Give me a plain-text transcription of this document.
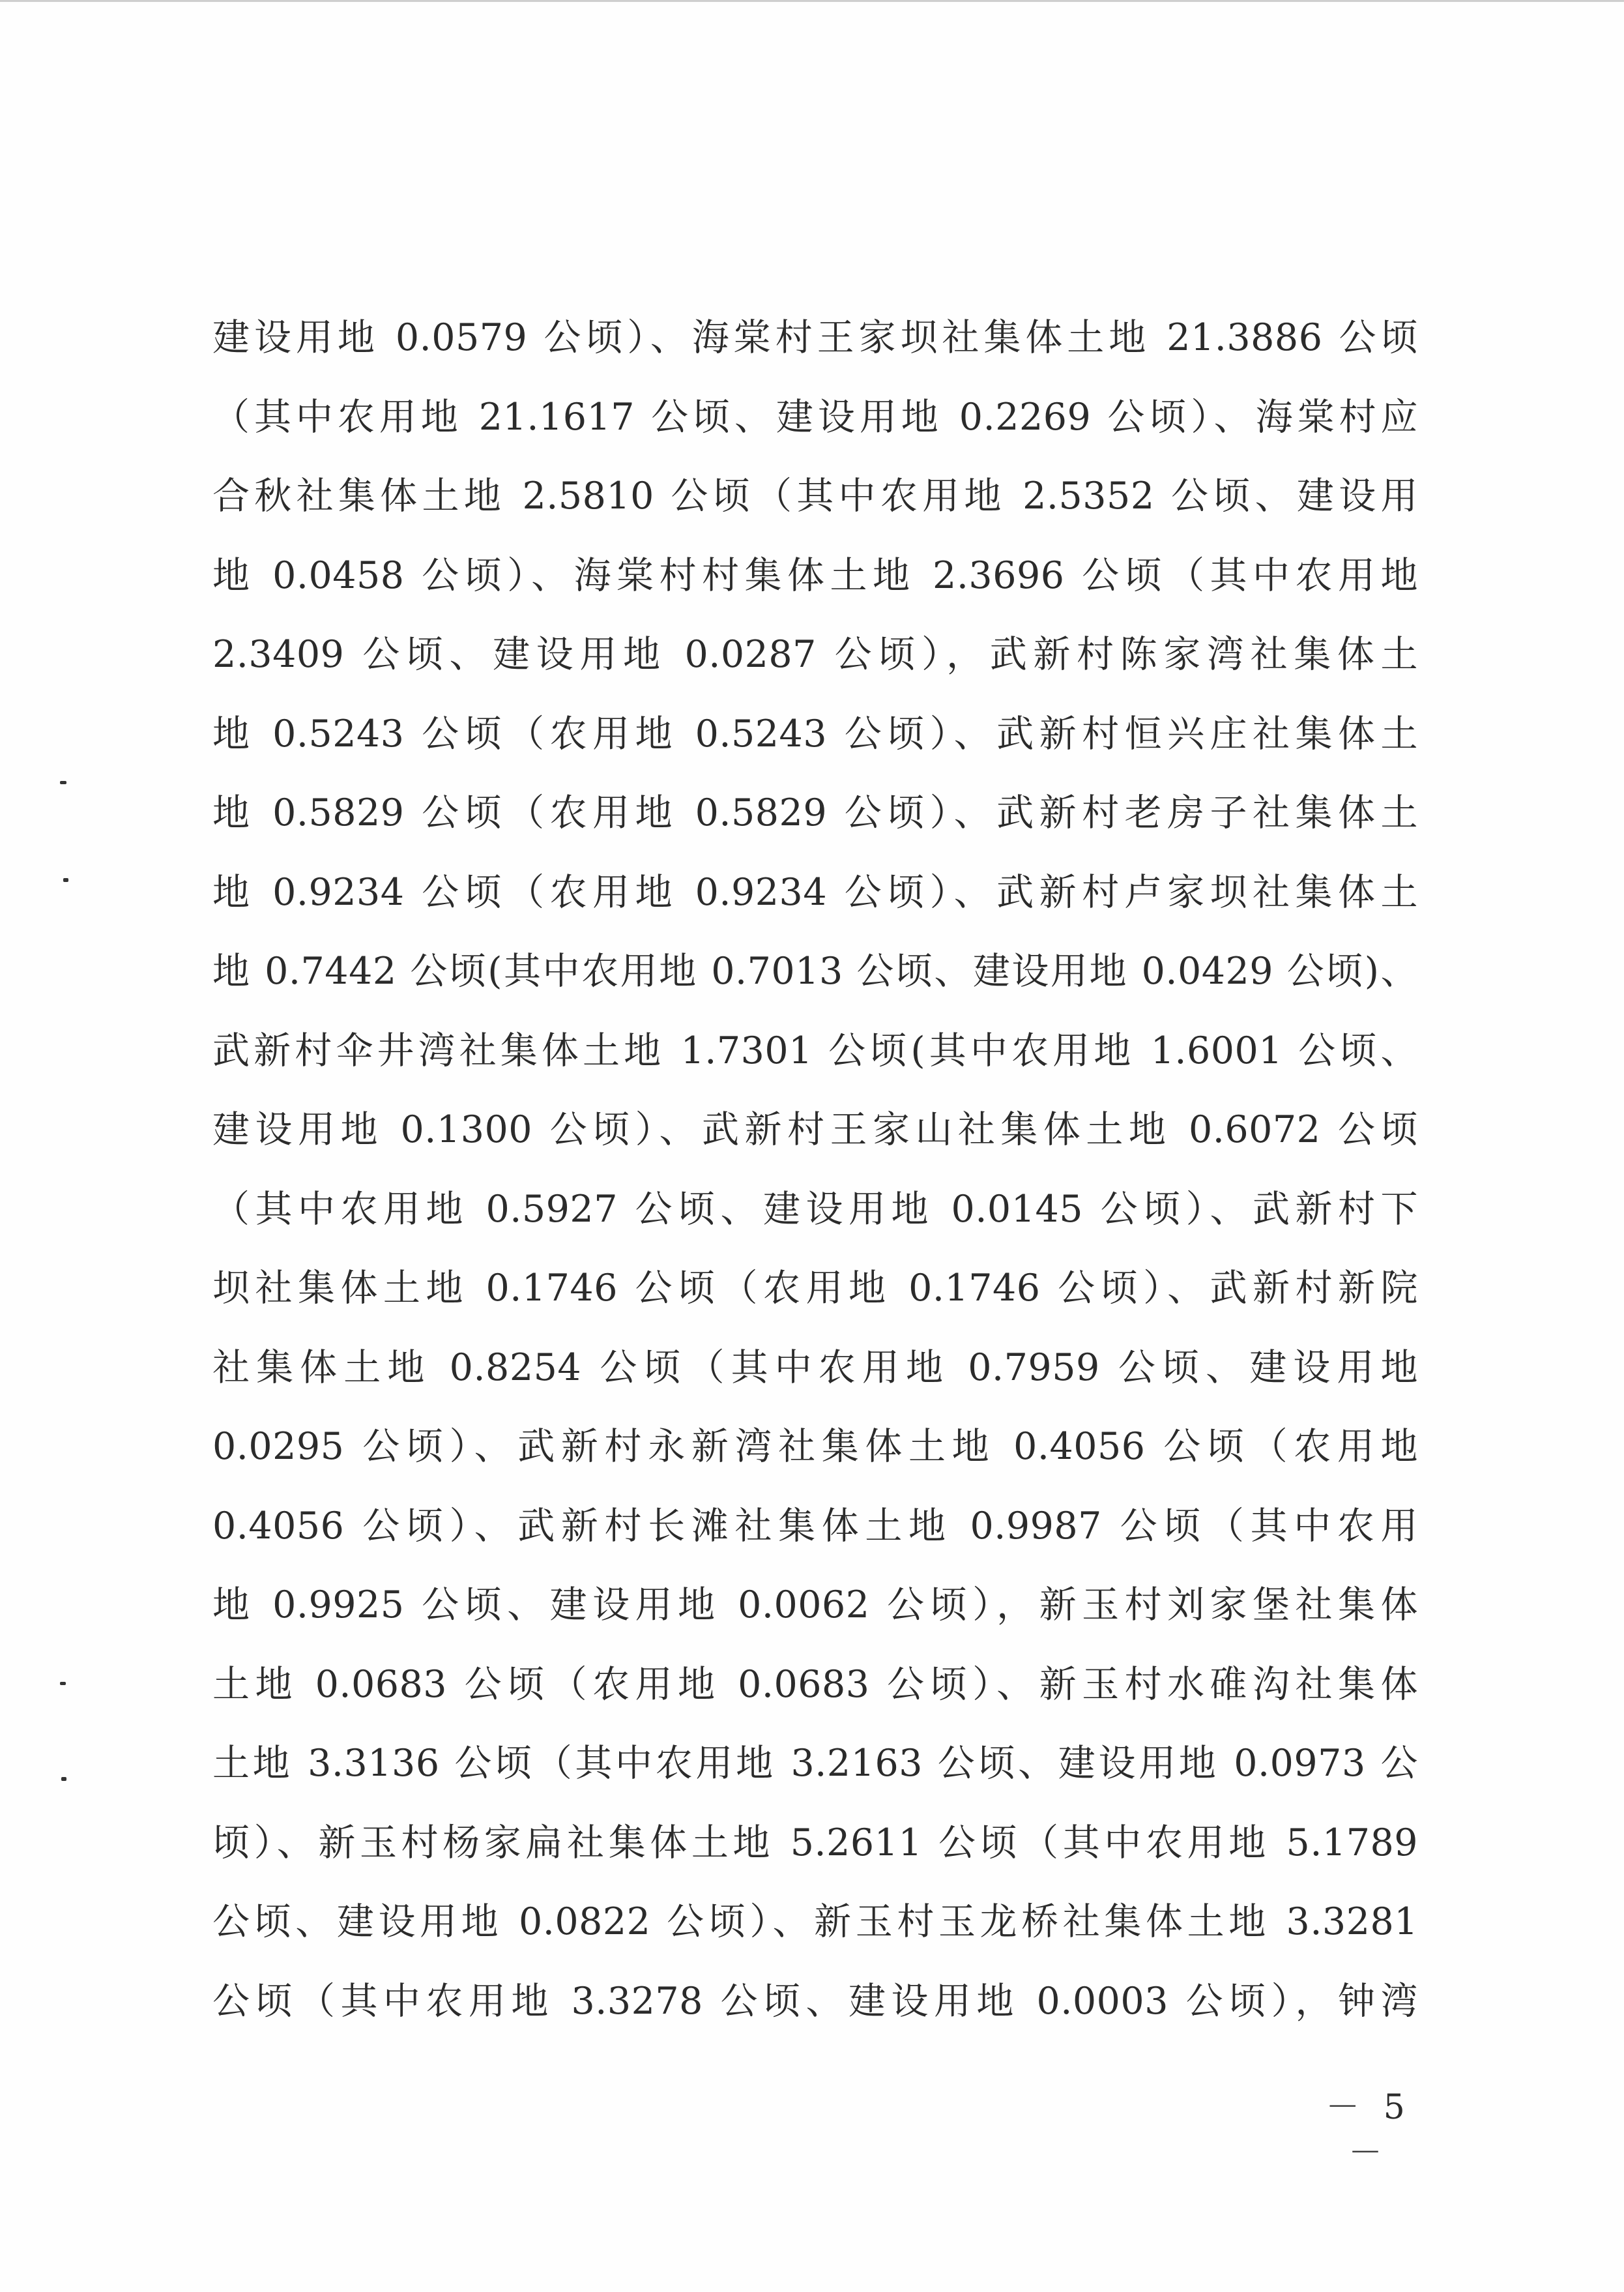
建设用地 0.0579 公顷）、海棠村王家坝社集体土地 21.3886 公顷
（其中农用地 21.1617 公顷、建设用地 0.2269 公顷）、海棠村应
合秋社集体土地 2.5810 公顷（其中农用地 2.5352 公顷、建设用
地 0.0458 公顷）、海棠村村集体土地 2.3696 公顷（其中农用地
2.3409 公顷、建设用地 0.0287 公顷），武新村陈家湾社集体土
地 0.5243 公顷（农用地 0.5243 公顷）、武新村恒兴庄社集体土
地 0.5829 公顷（农用地 0.5829 公顷）、武新村老房子社集体土
地 0.9234 公顷（农用地 0.9234 公顷）、武新村卢家坝社集体土
地 0.7442 公顷(其中农用地 0.7013 公顷、建设用地 0.0429 公顷)、
武新村伞井湾社集体土地 1.7301 公顷(其中农用地 1.6001 公顷、
建设用地 0.1300 公顷）、武新村王家山社集体土地 0.6072 公顷
（其中农用地 0.5927 公顷、建设用地 0.0145 公顷）、武新村下
坝社集体土地 0.1746 公顷（农用地 0.1746 公顷）、武新村新院
社集体土地 0.8254 公顷（其中农用地 0.7959 公顷、建设用地
0.0295 公顷）、武新村永新湾社集体土地 0.4056 公顷（农用地
0.4056 公顷）、武新村长滩社集体土地 0.9987 公顷（其中农用
地 0.9925 公顷、建设用地 0.0062 公顷），新玉村刘家堡社集体
土地 0.0683 公顷（农用地 0.0683 公顷）、新玉村水碓沟社集体
土地 3.3136 公顷（其中农用地 3.2163 公顷、建设用地 0.0973 公
顷）、新玉村杨家扁社集体土地 5.2611 公顷（其中农用地 5.1789
公顷、建设用地 0.0822 公顷）、新玉村玉龙桥社集体土地 3.3281
公顷（其中农用地 3.3278 公顷、建设用地 0.0003 公顷），钟湾
－ 5 －
